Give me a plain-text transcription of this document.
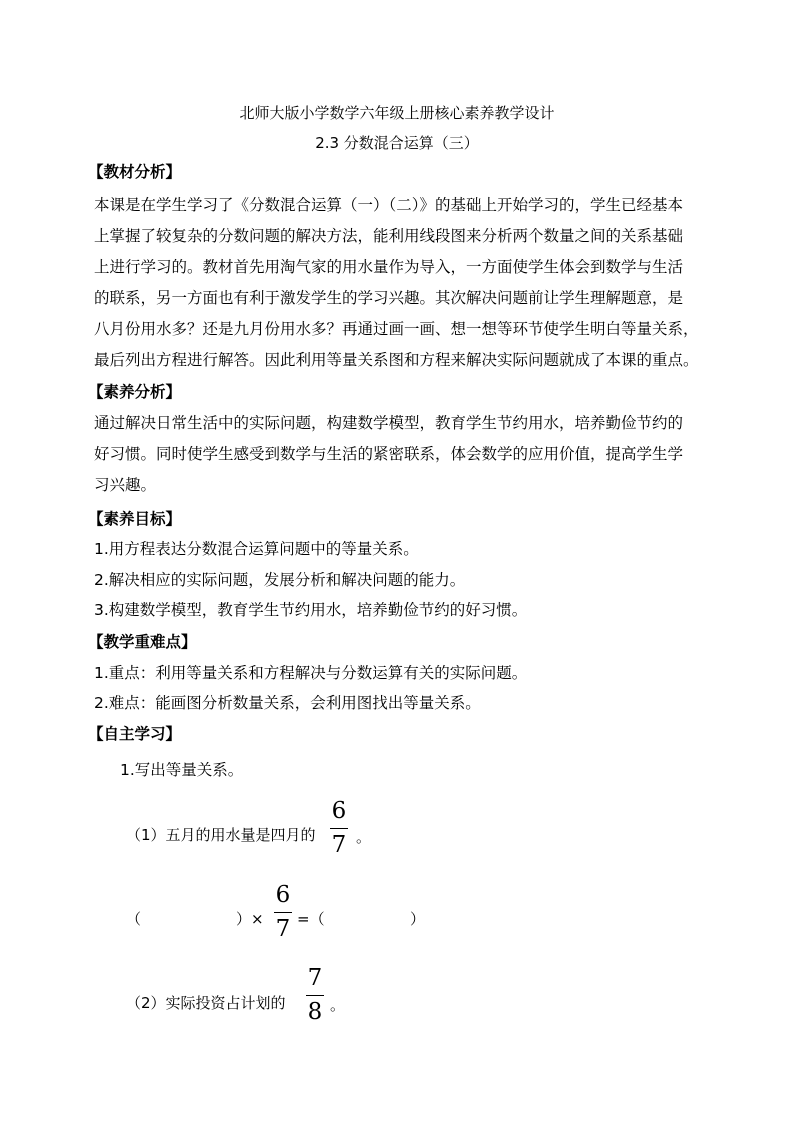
北师大版小学数学六年级上册核心素养教学设计
2.3 分数混合运算（三）
【教材分析】
本课是在学生学习了《分数混合运算（一）（二）》的基础上开始学习的，学生已经基本
上掌握了较复杂的分数问题的解决方法，能利用线段图来分析两个数量之间的关系基础
上进行学习的。教材首先用淘气家的用水量作为导入，一方面使学生体会到数学与生活
的联系，另一方面也有利于激发学生的学习兴趣。其次解决问题前让学生理解题意，是
八月份用水多？还是九月份用水多？再通过画一画、想一想等环节使学生明白等量关系，
最后列出方程进行解答。因此利用等量关系图和方程来解决实际问题就成了本课的重点。
【素养分析】
通过解决日常生活中的实际问题，构建数学模型，教育学生节约用水，培养勤俭节约的
好习惯。同时使学生感受到数学与生活的紧密联系，体会数学的应用价值，提高学生学
习兴趣。
【素养目标】
1.用方程表达分数混合运算问题中的等量关系。
2.解决相应的实际问题，发展分析和解决问题的能力。
3.构建数学模型，教育学生节约用水，培养勤俭节约的好习惯。
【教学重难点】
1.重点：利用等量关系和方程解决与分数运算有关的实际问题。
2.难点：能画图分析数量关系，会利用图找出等量关系。
【自主学习】
1.写出等量关系。
（1）五月的用水量是四月的
6
7 。
（	）×
6
7 =（	）
（2）实际投资占计划的
7
8 。
